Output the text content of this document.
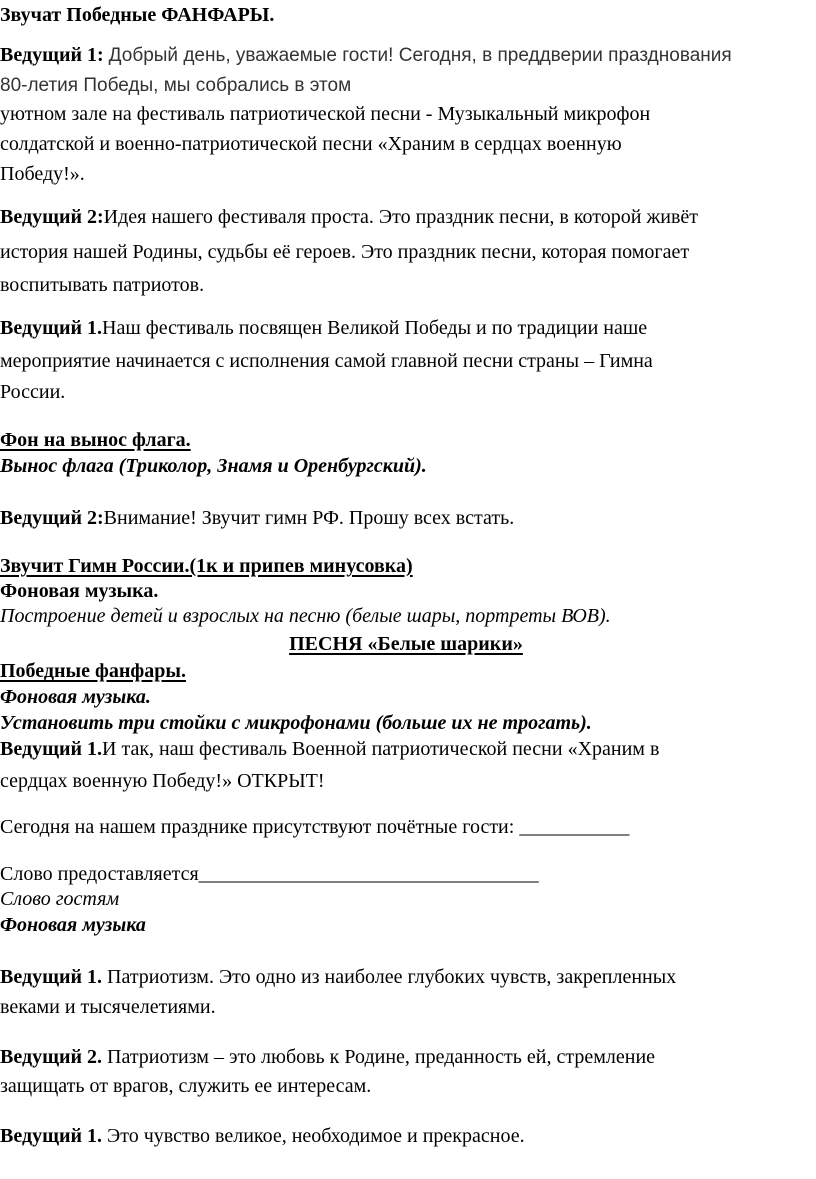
Звучат Победные ФАНФАРЫ.
Ведущий 1: Добрый день, уважаемые гости! Сегодня, в преддверии празднования
80-летия Победы, мы собрались в этом
уютном зале на фестиваль патриотической песни - Музыкальный микрофон
солдатской и военно-патриотической песни «Храним в сердцах военную
Победу!».
Ведущий 2:Идея нашего фестиваля проста. Это праздник песни, в которой живёт
история нашей Родины, судьбы её героев. Это праздник песни, которая помогает
воспитывать патриотов.
Ведущий 1.Наш фестиваль посвящен Великой Победы и по традиции наше
мероприятие начинается с исполнения самой главной песни страны – Гимна
России.
Фон на вынос флага.
Вынос флага (Триколор, Знамя и Оренбургский).
Ведущий 2:Внимание! Звучит гимн РФ. Прошу всех встать.
Звучит Гимн России.(1к и припев минусовка)
Фоновая музыка.
Построение детей и взрослых на песню (белые шары, портреты ВОВ).
ПЕСНЯ «Белые шарики»
Победные фанфары.
Фоновая музыка.
Установить три стойки с микрофонами (больше их не трогать).
Ведущий 1.И так, наш фестиваль Военной патриотической песни «Храним в
сердцах военную Победу!» ОТКРЫТ!
Сегодня на нашем празднике присутствуют почётные гости: ___________
Слово предоставляется__________________________________
Слово гостям
Фоновая музыка
Ведущий 1. Патриотизм. Это одно из наиболее глубоких чувств, закрепленных
веками и тысячелетиями.
Ведущий 2. Патриотизм – это любовь к Родине, преданность ей, стремление
защищать от врагов, служить ее интересам.
Ведущий 1. Это чувство великое, необходимое и прекрасное.
